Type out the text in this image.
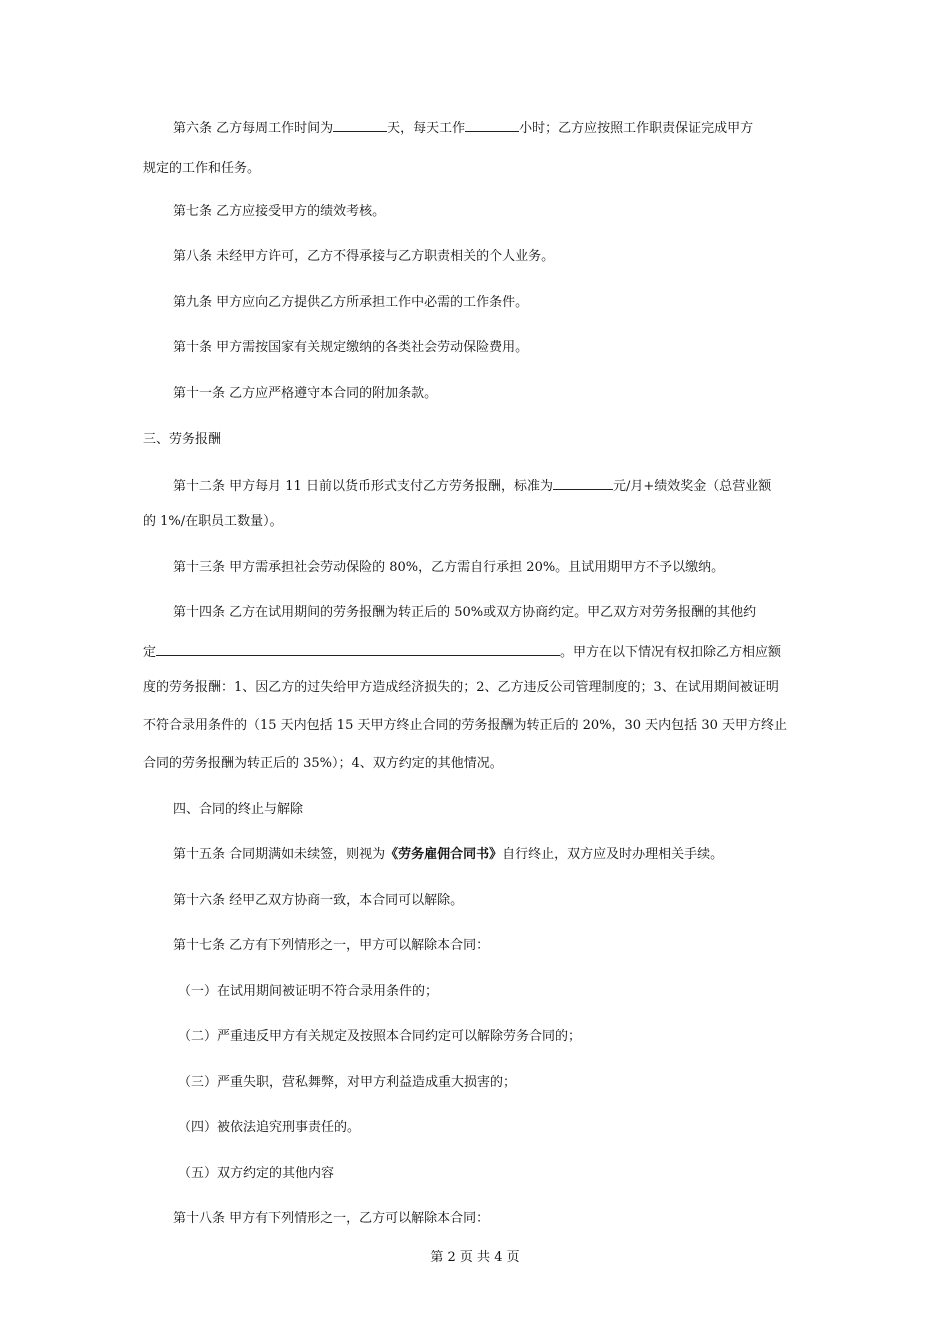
第六条 乙方每周工作时间为	天，每天工作	小时；乙方应按照工作职责保证完成甲方
规定的工作和任务。
第七条 乙方应接受甲方的绩效考核。
第八条 未经甲方许可，乙方不得承接与乙方职责相关的个人业务。
第九条 甲方应向乙方提供乙方所承担工作中必需的工作条件。
第十条 甲方需按国家有关规定缴纳的各类社会劳动保险费用。
第十一条 乙方应严格遵守本合同的附加条款。
三、劳务报酬
第十二条 甲方每月 11 日前以货币形式支付乙方劳务报酬，标准为	元/月+绩效奖金（总营业额
的 1%/在职员工数量）。
第十三条 甲方需承担社会劳动保险的 80%，乙方需自行承担 20%。且试用期甲方不予以缴纳。
第十四条 乙方在试用期间的劳务报酬为转正后的 50%或双方协商约定。甲乙双方对劳务报酬的其他约
定	。甲方在以下情况有权扣除乙方相应额
度的劳务报酬：1、因乙方的过失给甲方造成经济损失的；2、乙方违反公司管理制度的；3、在试用期间被证明
不符合录用条件的（15 天内包括 15 天甲方终止合同的劳务报酬为转正后的 20%，30 天内包括 30 天甲方终止
合同的劳务报酬为转正后的 35%）；4、双方约定的其他情况。
四、合同的终止与解除
第十五条 合同期满如未续签，则视为《劳务雇佣合同书》自行终止，双方应及时办理相关手续。
第十六条 经甲乙双方协商一致，本合同可以解除。
第十七条 乙方有下列情形之一，甲方可以解除本合同：
（一）在试用期间被证明不符合录用条件的；
（二）严重违反甲方有关规定及按照本合同约定可以解除劳务合同的；
（三）严重失职，营私舞弊，对甲方利益造成重大损害的；
（四）被依法追究刑事责任的。
（五）双方约定的其他内容
第十八条 甲方有下列情形之一，乙方可以解除本合同：
第 2 页 共 4 页
